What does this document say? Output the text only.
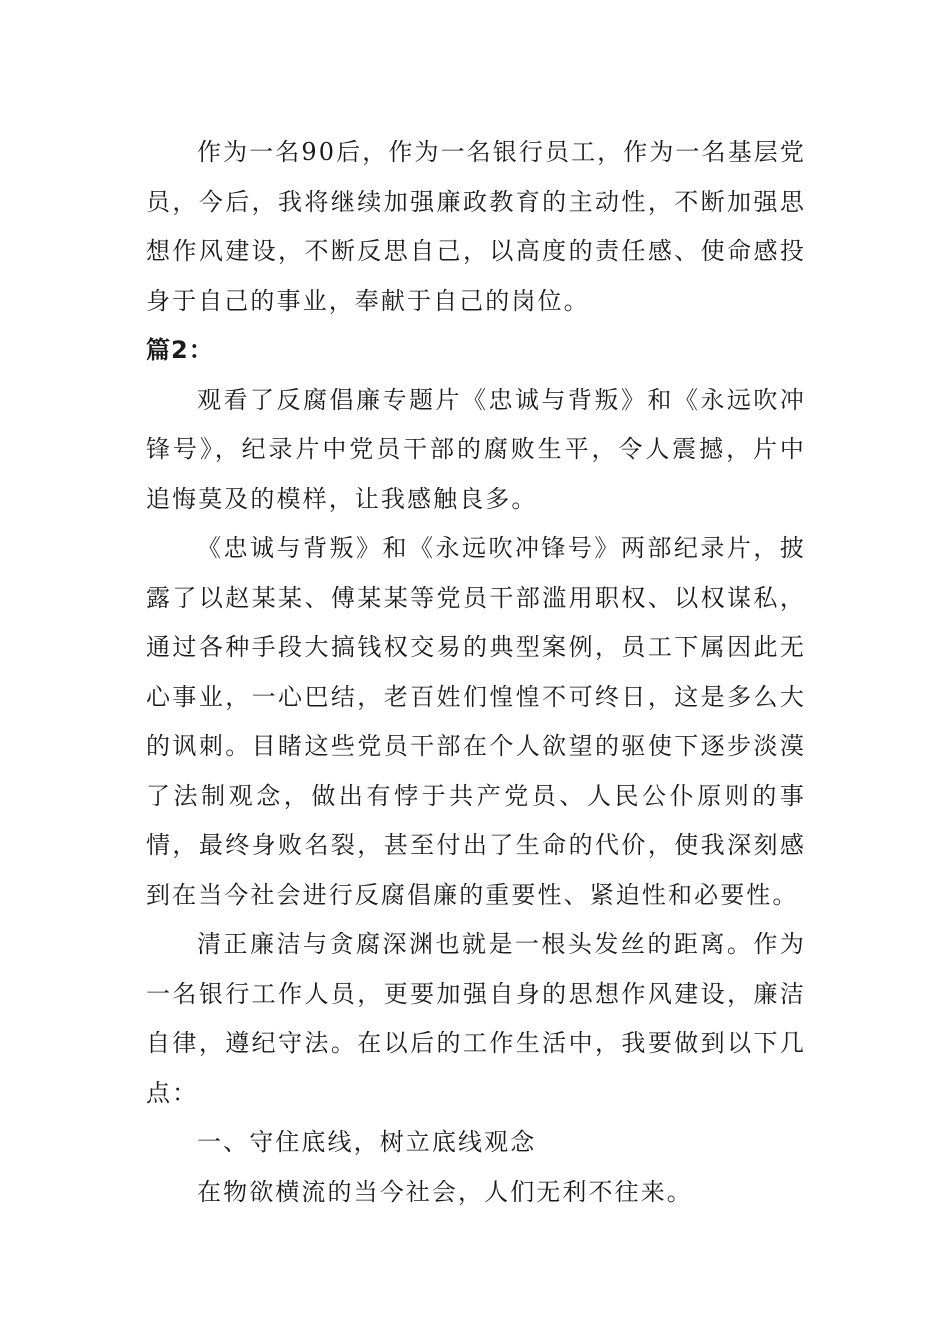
作为一名90后，作为一名银行员工，作为一名基层党员，今后，我将继续加强廉政教育的主动性，不断加强思想作风建设，不断反思自己，以高度的责任感、使命感投身于自己的事业，奉献于自己的岗位。

篇2：

观看了反腐倡廉专题片《忠诚与背叛》和《永远吹冲锋号》，纪录片中党员干部的腐败生平，令人震撼，片中追悔莫及的模样，让我感触良多。

《忠诚与背叛》和《永远吹冲锋号》两部纪录片，披露了以赵某某、傅某某等党员干部滥用职权、以权谋私，通过各种手段大搞钱权交易的典型案例，员工下属因此无心事业，一心巴结，老百姓们惶惶不可终日，这是多么大的讽刺。目睹这些党员干部在个人欲望的驱使下逐步淡漠了法制观念，做出有悖于共产党员、人民公仆原则的事情，最终身败名裂，甚至付出了生命的代价，使我深刻感到在当今社会进行反腐倡廉的重要性、紧迫性和必要性。

清正廉洁与贪腐深渊也就是一根头发丝的距离。作为一名银行工作人员，更要加强自身的思想作风建设，廉洁自律，遵纪守法。在以后的工作生活中，我要做到以下几点：

一、守住底线，树立底线观念

在物欲横流的当今社会，人们无利不往来。
